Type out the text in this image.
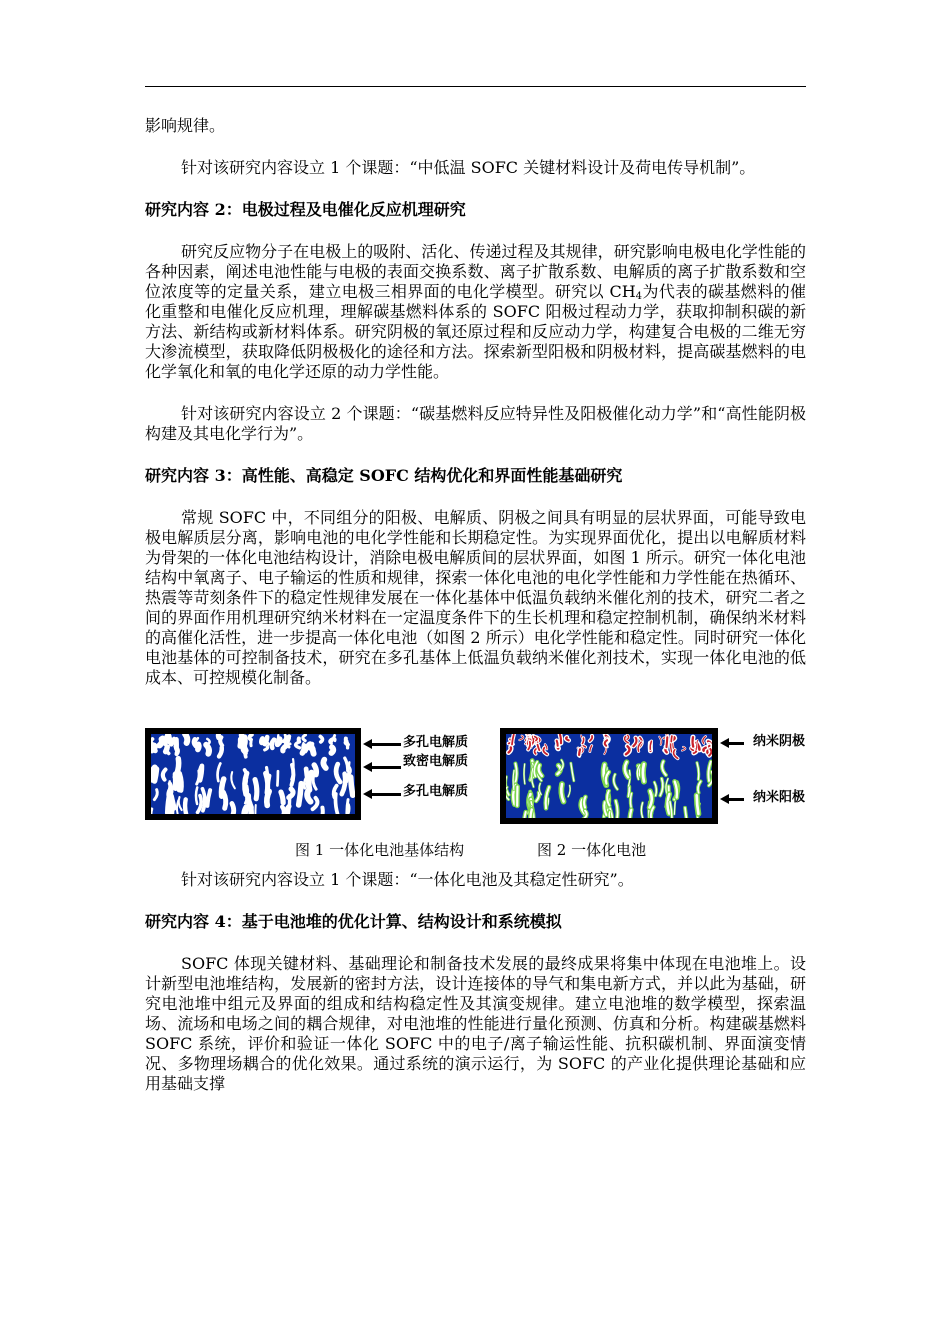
影响规律。

针对该研究内容设立 1 个课题：“中低温 SOFC 关键材料设计及荷电传导机制”。

研究内容 2：电极过程及电催化反应机理研究

研究反应物分子在电极上的吸附、活化、传递过程及其规律，研究影响电极电化学性能的各种因素，阐述电池性能与电极的表面交换系数、离子扩散系数、电解质的离子扩散系数和空位浓度等的定量关系，建立电极三相界面的电化学模型。研究以 $CH_4$为代表的碳基燃料的催化重整和电催化反应机理，理解碳基燃料体系的 SOFC 阳极过程动力学，获取抑制积碳的新方法、新结构或新材料体系。研究阴极的氧还原过程和反应动力学，构建复合电极的二维无穷大渗流模型，获取降低阴极极化的途径和方法。探索新型阳极和阴极材料，提高碳基燃料的电化学氧化和氧的电化学还原的动力学性能。

针对该研究内容设立 2 个课题：“碳基燃料反应特异性及阳极催化动力学”和“高性能阴极构建及其电化学行为”。

研究内容 3：高性能、高稳定 SOFC 结构优化和界面性能基础研究

常规 SOFC 中，不同组分的阳极、电解质、阴极之间具有明显的层状界面，可能导致电极电解质层分离，影响电池的电化学性能和长期稳定性。为实现界面优化，提出以电解质材料为骨架的一体化电池结构设计，消除电极电解质间的层状界面，如图 1 所示。研究一体化电池结构中氧离子、电子输运的性质和规律，探索一体化电池的电化学性能和力学性能在热循环、热震等苛刻条件下的稳定性规律发展在一体化基体中低温负载纳米催化剂的技术，研究二者之间的界面作用机理研究纳米材料在一定温度条件下的生长机理和稳定控制机制，确保纳米材料的高催化活性，进一步提高一体化电池（如图 2 所示）电化学性能和稳定性。同时研究一体化电池基体的可控制备技术，研究在多孔基体上低温负载纳米催化剂技术，实现一体化电池的低成本、可控规模化制备。

多孔电解质
致密电解质
多孔电解质
纳米阴极
纳米阳极
图 1 一体化电池基体结构	图 2 一体化电池

针对该研究内容设立 1 个课题：“一体化电池及其稳定性研究”。

研究内容 4：基于电池堆的优化计算、结构设计和系统模拟

SOFC 体现关键材料、基础理论和制备技术发展的最终成果将集中体现在电池堆上。设计新型电池堆结构，发展新的密封方法，设计连接体的导气和集电新方式，并以此为基础，研究电池堆中组元及界面的组成和结构稳定性及其演变规律。建立电池堆的数学模型，探索温场、流场和电场之间的耦合规律，对电池堆的性能进行量化预测、仿真和分析。构建碳基燃料 SOFC 系统，评价和验证一体化 SOFC 中的电子/离子输运性能、抗积碳机制、界面演变情况、多物理场耦合的优化效果。通过系统的演示运行，为 SOFC 的产业化提供理论基础和应用基础支撑
